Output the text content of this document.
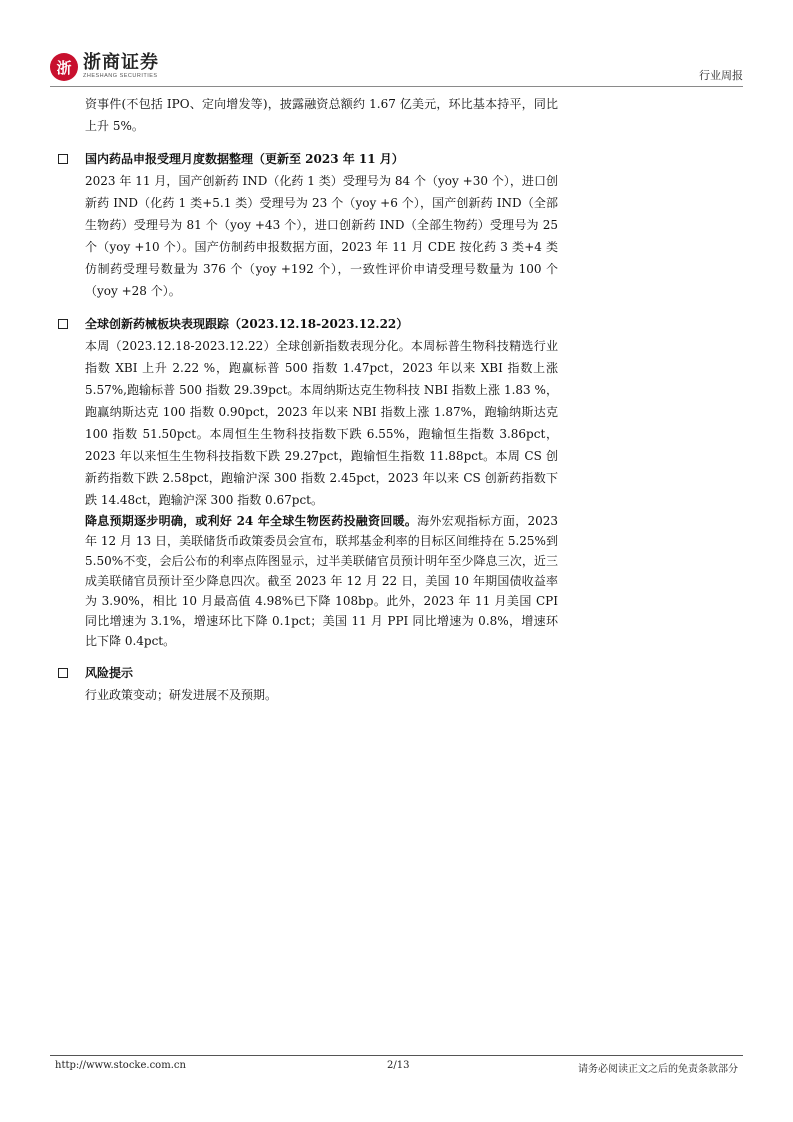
浙 浙商证券
ZHESHANG SECURITIES	行业周报

资事件(不包括 IPO、定向增发等)，披露融资总额约 1.67 亿美元，环比基本持平，同比上升 5%。

国内药品申报受理月度数据整理（更新至 2023 年 11 月）

2023 年 11 月，国产创新药 IND（化药 1 类）受理号为 84 个（yoy +30 个），进口创新药 IND（化药 1 类+5.1 类）受理号为 23 个（yoy +6 个），国产创新药 IND（全部生物药）受理号为 81 个（yoy +43 个），进口创新药 IND（全部生物药）受理号为 25 个（yoy +10 个）。国产仿制药申报数据方面，2023 年 11 月 CDE 按化药 3 类+4 类仿制药受理号数量为 376 个（yoy +192 个），一致性评价申请受理号数量为 100 个（yoy +28 个）。

全球创新药械板块表现跟踪（2023.12.18-2023.12.22）

本周（2023.12.18-2023.12.22）全球创新指数表现分化。本周标普生物科技精选行业指数 XBI 上升 2.22 %，跑赢标普 500 指数 1.47pct，2023 年以来 XBI 指数上涨 5.57%,跑输标普 500 指数 29.39pct。本周纳斯达克生物科技 NBI 指数上涨 1.83 %，跑赢纳斯达克 100 指数 0.90pct，2023 年以来 NBI 指数上涨 1.87%，跑输纳斯达克 100 指数 51.50pct。本周恒生生物科技指数下跌 6.55%，跑输恒生指数 3.86pct，2023 年以来恒生生物科技指数下跌 29.27pct，跑输恒生指数 11.88pct。本周 CS 创新药指数下跌 2.58pct，跑输沪深 300 指数 2.45pct，2023 年以来 CS 创新药指数下跌 14.48ct，跑输沪深 300 指数 0.67pct。

降息预期逐步明确，或利好 24 年全球生物医药投融资回暖。海外宏观指标方面，2023 年 12 月 13 日，美联储货币政策委员会宣布，联邦基金利率的目标区间维持在 5.25%到 5.50%不变，会后公布的利率点阵图显示，过半美联储官员预计明年至少降息三次，近三成美联储官员预计至少降息四次。截至 2023 年 12 月 22 日，美国 10 年期国债收益率为 3.90%，相比 10 月最高值 4.98%已下降 108bp。此外，2023 年 11 月美国 CPI 同比增速为 3.1%，增速环比下降 0.1pct；美国 11 月 PPI 同比增速为 0.8%，增速环比下降 0.4pct。

风险提示

行业政策变动；研发进展不及预期。

http://www.stocke.com.cn	2/13	请务必阅读正文之后的免责条款部分
